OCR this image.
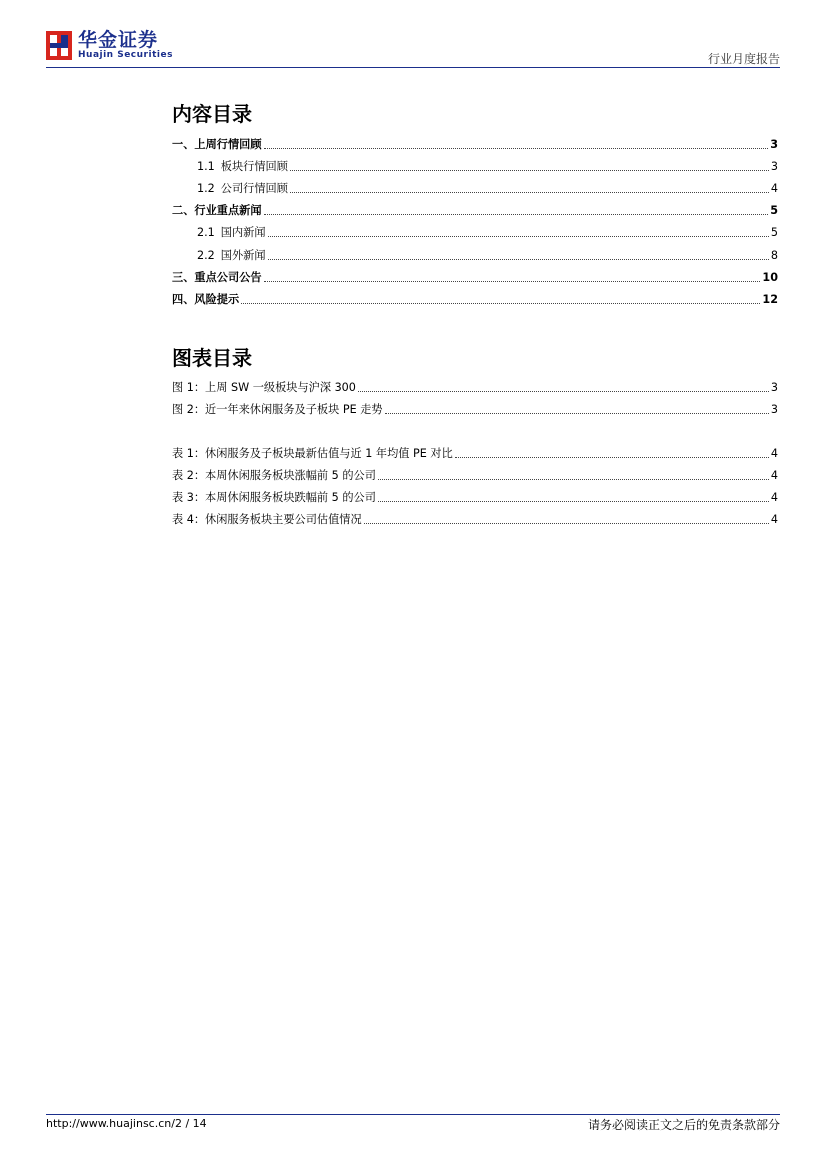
华金证券
Huajin Securities	行业月度报告
内容目录
一、上周行情回顾	3
1.1 板块行情回顾	3
1.2 公司行情回顾	4
二、行业重点新闻	5
2.1 国内新闻	5
2.2 国外新闻	8
三、重点公司公告	10
四、风险提示	12
图表目录
图 1：上周 SW 一级板块与沪深 300	3
图 2：近一年来休闲服务及子板块 PE 走势	3
表 1：休闲服务及子板块最新估值与近 1 年均值 PE 对比	4
表 2：本周休闲服务板块涨幅前 5 的公司	4
表 3：本周休闲服务板块跌幅前 5 的公司	4
表 4：休闲服务板块主要公司估值情况	4
http://www.huajinsc.cn/2 / 14	请务必阅读正文之后的免责条款部分
